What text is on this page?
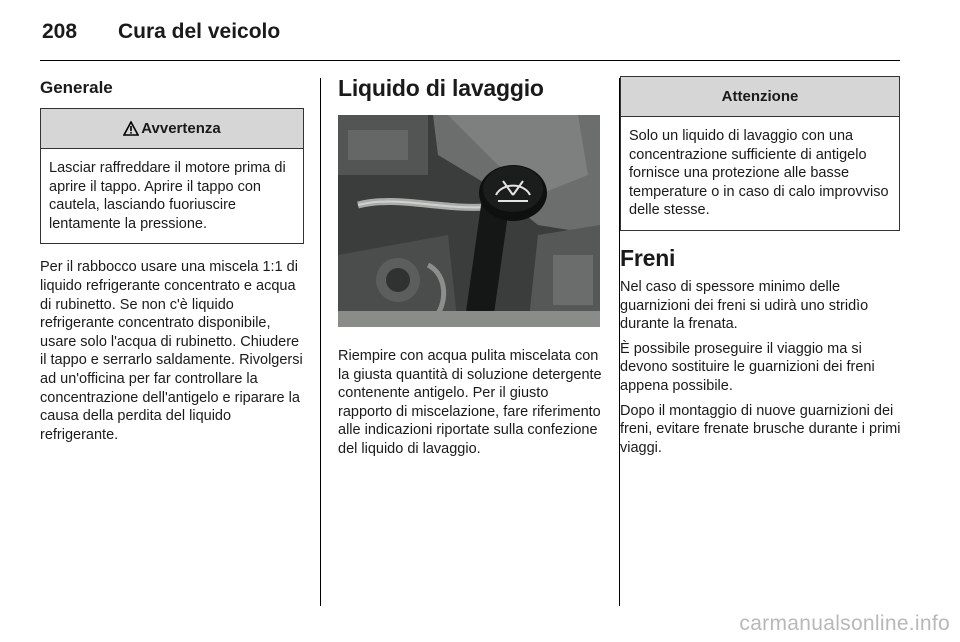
208	Cura del veicolo
Generale
Avvertenza
Lasciar raffreddare il motore prima di aprire il tappo. Aprire il tappo con cautela, lasciando fuoriuscire lentamente la pressione.

Per il rabbocco usare una miscela 1:1 di liquido refrigerante concentrato e acqua di rubinetto. Se non c'è liquido refrigerante concentrato disponibile, usare solo l'acqua di rubinetto. Chiudere il tappo e serrarlo saldamente. Rivolgersi ad un'officina per far controllare la concentrazione dell'antigelo e riparare la causa della perdita del liquido refrigerante.

Liquido di lavaggio

Riempire con acqua pulita miscelata con la giusta quantità di soluzione detergente contenente antigelo. Per il giusto rapporto di miscelazione, fare riferimento alle indicazioni riportate sulla confezione del liquido di lavaggio.

Attenzione
Solo un liquido di lavaggio con una concentrazione sufficiente di antigelo fornisce una protezione alle basse temperature o in caso di calo improvviso delle stesse.
Freni

Nel caso di spessore minimo delle guarnizioni dei freni si udirà uno stridìo durante la frenata.

È possibile proseguire il viaggio ma si devono sostituire le guarnizioni dei freni appena possibile.

Dopo il montaggio di nuove guarnizioni dei freni, evitare frenate brusche durante i primi viaggi.

carmanualsonline.info
